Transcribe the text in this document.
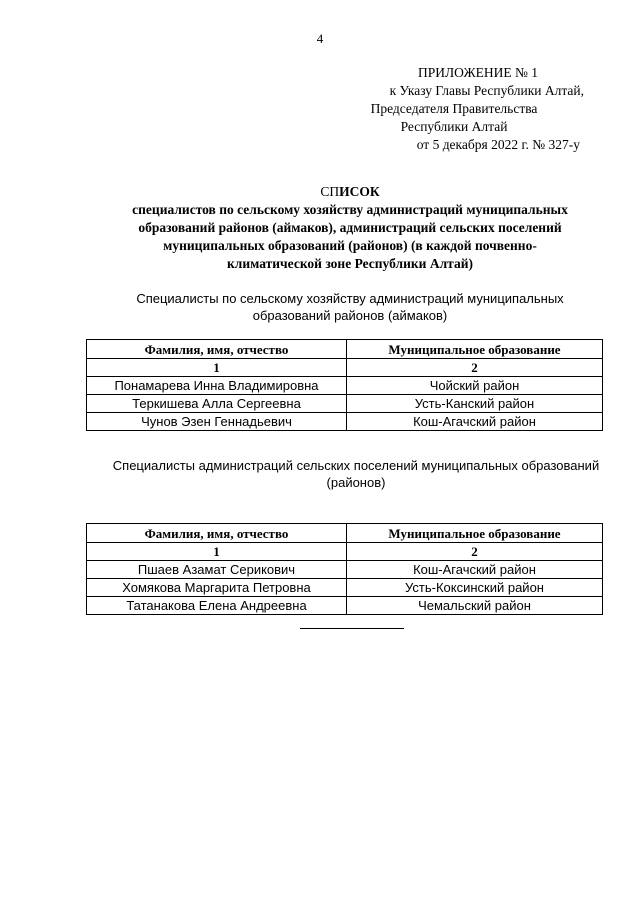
4
ПРИЛОЖЕНИЕ № 1
к Указу Главы Республики Алтай,
Председателя Правительства
Республики Алтай
от 5 декабря 2022 г. № 327-у
СПИСОК
специалистов по сельскому хозяйству администраций муниципальных
образований районов (аймаков), администраций сельских поселений
муниципальных образований (районов) (в каждой почвенно-
климатической зоне Республики Алтай)
Специалисты по сельскому хозяйству администраций муниципальных
образований районов (аймаков)
Фамилия, имя, отчество	Муниципальное образование
1	2
Понамарева Инна Владимировна	Чойский район
Теркишева Алла Сергеевна	Усть-Канский район
Чунов Эзен Геннадьевич	Кош-Агачский район
Специалисты администраций сельских поселений муниципальных образований
(районов)
Фамилия, имя, отчество	Муниципальное образование
1	2
Пшаев Азамат Серикович	Кош-Агачский район
Хомякова Маргарита Петровна	Усть-Коксинский район
Татанакова Елена Андреевна	Чемальский район
